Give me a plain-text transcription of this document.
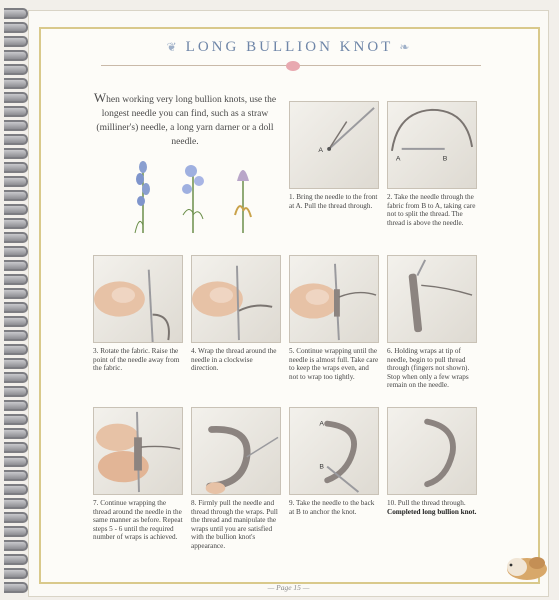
❦ LONG BULLION KNOT ❧
When working very long bullion knots, use the longest needle you can find, such as a straw (milliner's) needle, a long yarn darner or a doll needle.
A
1. Bring the needle to the front at A. Pull the thread through.
A	B
2. Take the needle through the fabric from B to A, taking care not to split the thread. The thread is above the needle.
3. Rotate the fabric. Raise the point of the needle away from the fabric.
4. Wrap the thread around the needle in a clockwise direction.
5. Continue wrapping until the needle is almost full. Take care to keep the wraps even, and not to wrap too tightly.
6. Holding wraps at tip of needle, begin to pull thread through (fingers not shown). Stop when only a few wraps remain on the needle.
7. Continue wrapping the thread around the needle in the same manner as before. Repeat steps 5 - 6 until the required number of wraps is achieved.
8. Firmly pull the needle and thread through the wraps. Pull the thread and manipulate the wraps until you are satisfied with the bullion knot's appearance.
A
B
9. Take the needle to the back at B to anchor the knot.
10. Pull the thread through. Completed long bullion knot.
— Page 15 —
